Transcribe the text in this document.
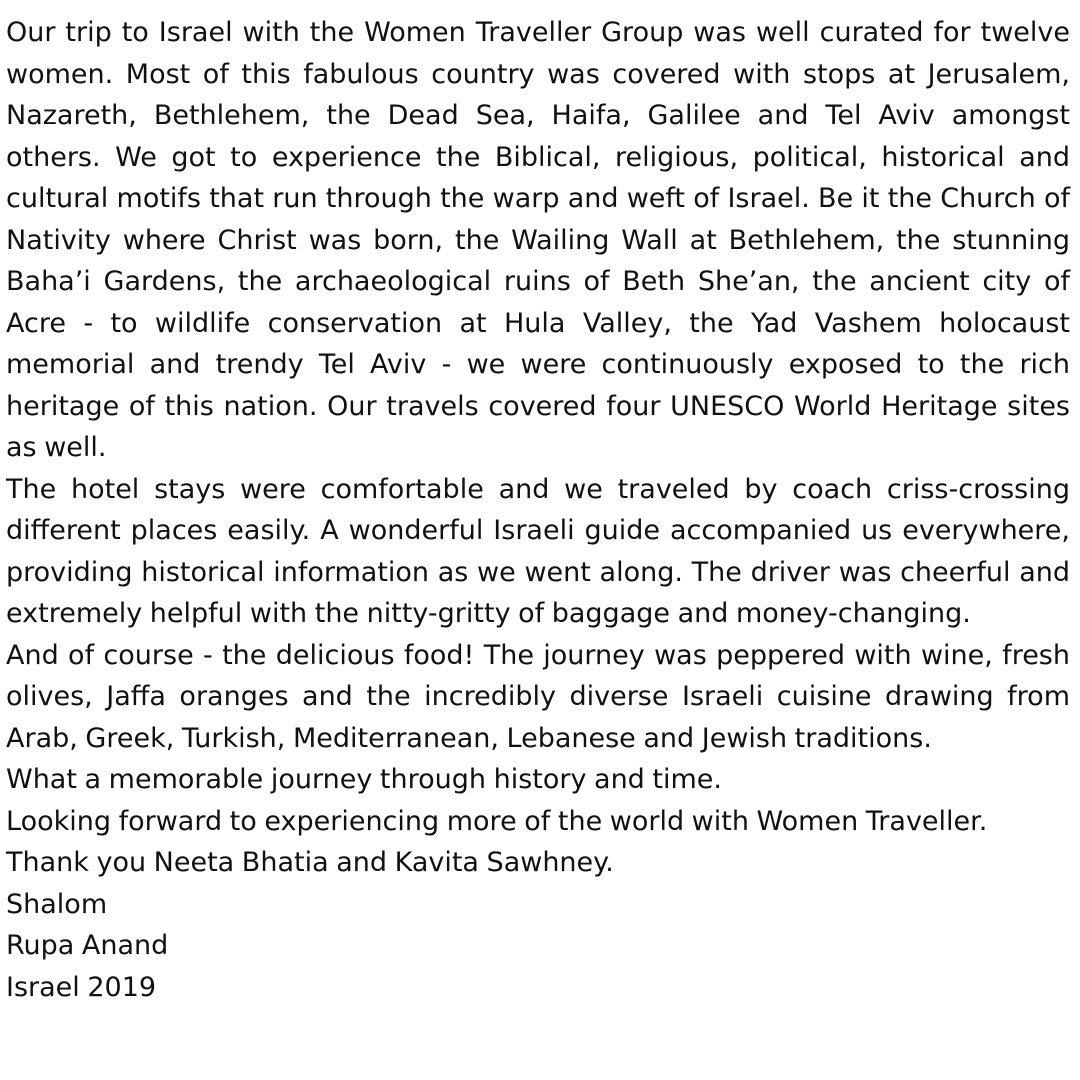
Our trip to Israel with the Women Traveller Group was well curated for twelve women. Most of this fabulous country was covered with stops at Jerusalem, Nazareth, Bethlehem, the Dead Sea, Haifa, Galilee and Tel Aviv amongst others. We got to experience the Biblical, religious, political, historical and cultural motifs that run through the warp and weft of Israel. Be it the Church of Nativity where Christ was born, the Wailing Wall at Bethlehem, the stunning Baha’i Gardens, the archaeological ruins of Beth She’an, the ancient city of Acre - to wildlife conservation at Hula Valley, the Yad Vashem holocaust memorial and trendy Tel Aviv - we were continuously exposed to the rich heritage of this nation. Our travels covered four UNESCO World Heritage sites as well.

The hotel stays were comfortable and we traveled by coach criss-crossing different places easily. A wonderful Israeli guide accompanied us everywhere, providing historical information as we went along. The driver was cheerful and extremely helpful with the nitty-gritty of baggage and money-changing.

And of course - the delicious food! The journey was peppered with wine, fresh olives, Jaffa oranges and the incredibly diverse Israeli cuisine drawing from Arab, Greek, Turkish, Mediterranean, Lebanese and Jewish traditions.

What a memorable journey through history and time.

Looking forward to experiencing more of the world with Women Traveller.

Thank you Neeta Bhatia and Kavita Sawhney.

Shalom

Rupa Anand

Israel 2019
